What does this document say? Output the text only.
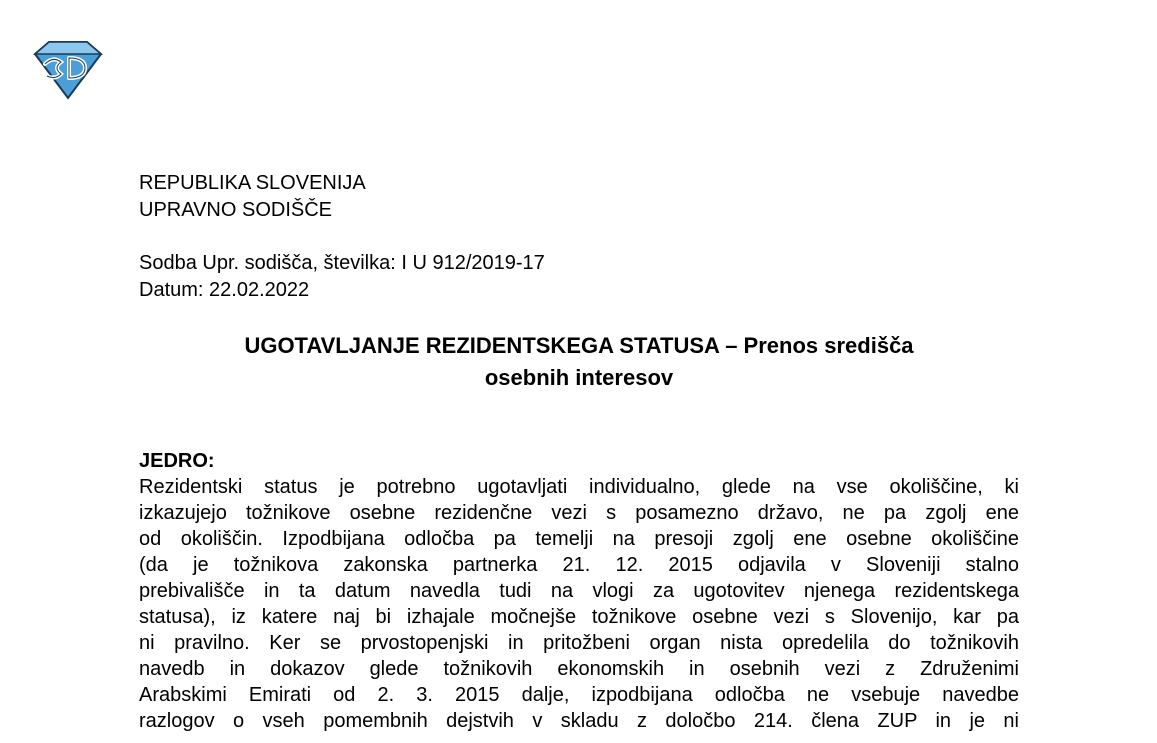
REPUBLIKA SLOVENIJA
UPRAVNO SODIŠČE
Sodba Upr. sodišča, številka: I U 912/2019-17
Datum: 22.02.2022
UGOTAVLJANJE REZIDENTSKEGA STATUSA – Prenos središča
osebnih interesov
JEDRO:
Rezidentski status je potrebno ugotavljati individualno, glede na vse okoliščine, ki
izkazujejo tožnikove osebne rezidenčne vezi s posamezno državo, ne pa zgolj ene
od okoliščin. Izpodbijana odločba pa temelji na presoji zgolj ene osebne okoliščine
(da je tožnikova zakonska partnerka 21. 12. 2015 odjavila v Sloveniji stalno
prebivališče in ta datum navedla tudi na vlogi za ugotovitev njenega rezidentskega
statusa), iz katere naj bi izhajale močnejše tožnikove osebne vezi s Slovenijo, kar pa
ni pravilno. Ker se prvostopenjski in pritožbeni organ nista opredelila do tožnikovih
navedb in dokazov glede tožnikovih ekonomskih in osebnih vezi z Združenimi
Arabskimi Emirati od 2. 3. 2015 dalje, izpodbijana odločba ne vsebuje navedbe
razlogov o vseh pomembnih dejstvih v skladu z določbo 214. člena ZUP in je ni
